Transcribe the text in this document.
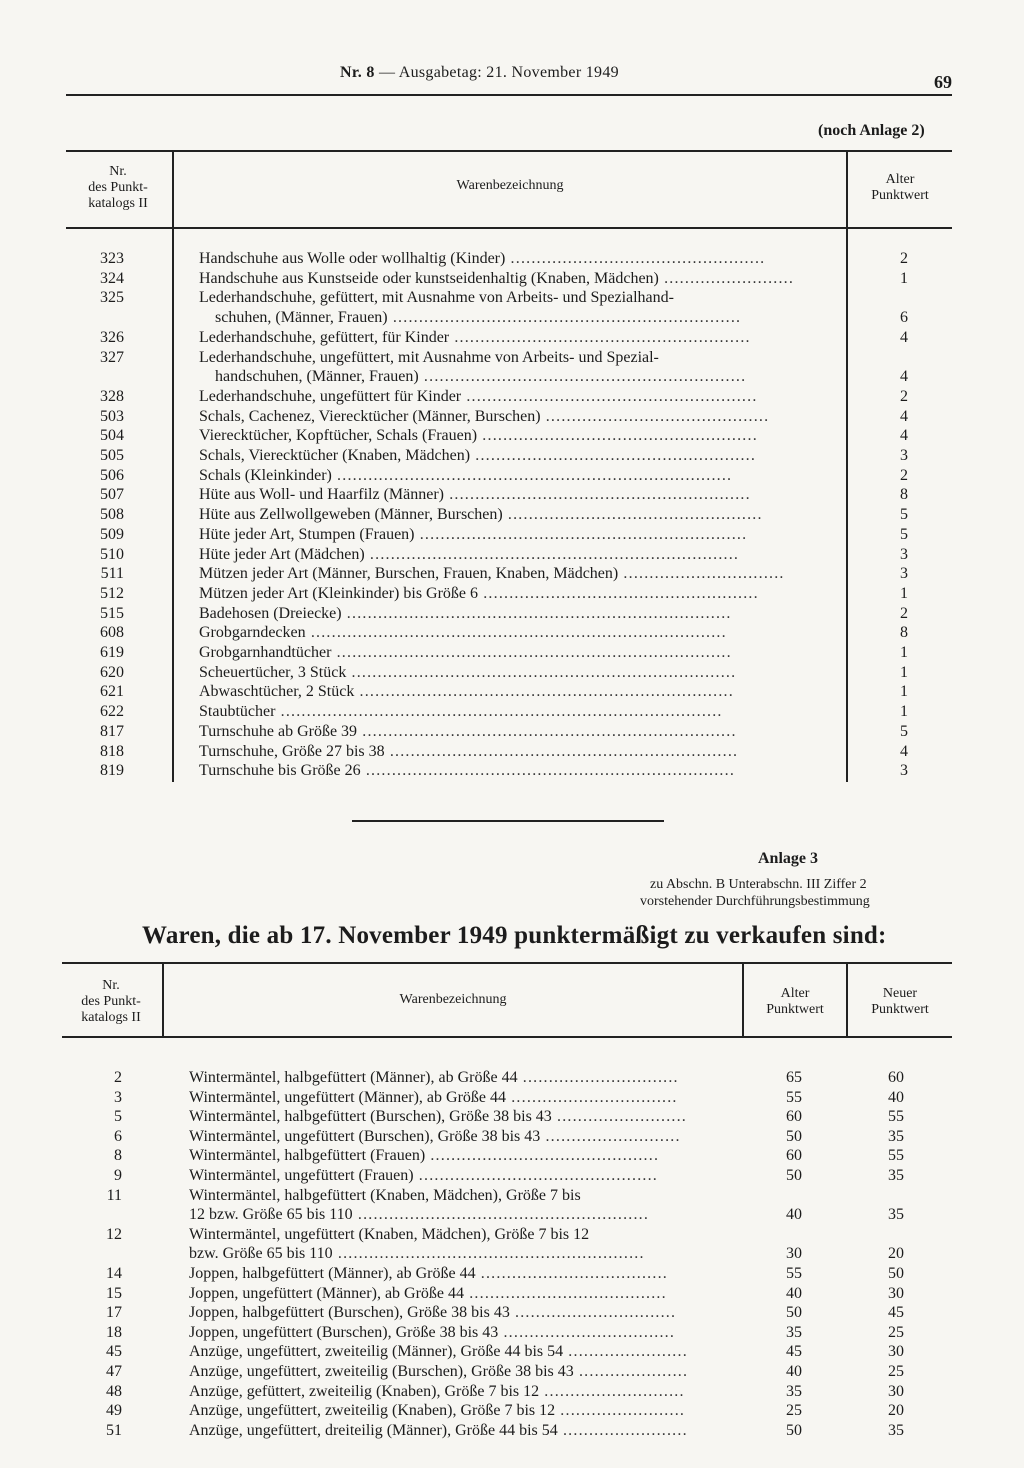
Nr. 8 — Ausgabetag: 21. November 1949	69
(noch Anlage 2)
Nr.
des Punkt-
katalogs II
Warenbezeichnung	Alter
Punktwert
323	Handschuhe aus Wolle oder wollhaltig (Kinder) .................................................	2
324	Handschuhe aus Kunstseide oder kunstseidenhaltig (Knaben, Mädchen) .........................	1
325	Lederhandschuhe, gefüttert, mit Ausnahme von Arbeits- und Spezialhand-
schuhen, (Männer, Frauen) ...................................................................	6
326	Lederhandschuhe, gefüttert, für Kinder .........................................................	4
327	Lederhandschuhe, ungefüttert, mit Ausnahme von Arbeits- und Spezial-
handschuhen, (Männer, Frauen) ..............................................................	4
328	Lederhandschuhe, ungefüttert für Kinder ........................................................	2
503	Schals, Cachenez, Vierecktücher (Männer, Burschen) ...........................................	4
504	Vierecktücher, Kopftücher, Schals (Frauen) .....................................................	4
505	Schals, Vierecktücher (Knaben, Mädchen) ......................................................	3
506	Schals (Kleinkinder) ............................................................................	2
507	Hüte aus Woll- und Haarfilz (Männer) ..........................................................	8
508	Hüte aus Zellwollgeweben (Männer, Burschen) .................................................	5
509	Hüte jeder Art, Stumpen (Frauen) ...............................................................	5
510	Hüte jeder Art (Mädchen) .......................................................................	3
511	Mützen jeder Art (Männer, Burschen, Frauen, Knaben, Mädchen) ...............................	3
512	Mützen jeder Art (Kleinkinder) bis Größe 6 .....................................................	1
515	Badehosen (Dreiecke) ..........................................................................	2
608	Grobgarndecken ................................................................................	8
619	Grobgarnhandtücher ............................................................................	1
620	Scheuertücher, 3 Stück ..........................................................................	1
621	Abwaschtücher, 2 Stück ........................................................................	1
622	Staubtücher .....................................................................................	1
817	Turnschuhe ab Größe 39 ........................................................................	5
818	Turnschuhe, Größe 27 bis 38 ...................................................................	4
819	Turnschuhe bis Größe 26 .......................................................................	3
Anlage 3
zu Abschn. B Unterabschn. III Ziffer 2
vorstehender Durchführungsbestimmung
Waren, die ab 17. November 1949 punktermäßigt zu verkaufen sind:
Nr.
des Punkt-
katalogs II
Warenbezeichnung	Alter
Punktwert
Neuer
Punktwert
2	Wintermäntel, halbgefüttert (Männer), ab Größe 44 ..............................	65	60
3	Wintermäntel, ungefüttert (Männer), ab Größe 44 ................................	55	40
5	Wintermäntel, halbgefüttert (Burschen), Größe 38 bis 43 .........................	60	55
6	Wintermäntel, ungefüttert (Burschen), Größe 38 bis 43 ..........................	50	35
8	Wintermäntel, halbgefüttert (Frauen) ............................................	60	55
9	Wintermäntel, ungefüttert (Frauen) ..............................................	50	35
11	Wintermäntel, halbgefüttert (Knaben, Mädchen), Größe 7 bis
12 bzw. Größe 65 bis 110 ........................................................	40	35
12	Wintermäntel, ungefüttert (Knaben, Mädchen), Größe 7 bis 12
bzw. Größe 65 bis 110 ...........................................................	30	20
14	Joppen, halbgefüttert (Männer), ab Größe 44 ....................................	55	50
15	Joppen, ungefüttert (Männer), ab Größe 44 ......................................	40	30
17	Joppen, halbgefüttert (Burschen), Größe 38 bis 43 ...............................	50	45
18	Joppen, ungefüttert (Burschen), Größe 38 bis 43 .................................	35	25
45	Anzüge, ungefüttert, zweiteilig (Männer), Größe 44 bis 54 .......................	45	30
47	Anzüge, ungefüttert, zweiteilig (Burschen), Größe 38 bis 43 .....................	40	25
48	Anzüge, gefüttert, zweiteilig (Knaben), Größe 7 bis 12 ...........................	35	30
49	Anzüge, ungefüttert, zweiteilig (Knaben), Größe 7 bis 12 ........................	25	20
51	Anzüge, ungefüttert, dreiteilig (Männer), Größe 44 bis 54 ........................	50	35
